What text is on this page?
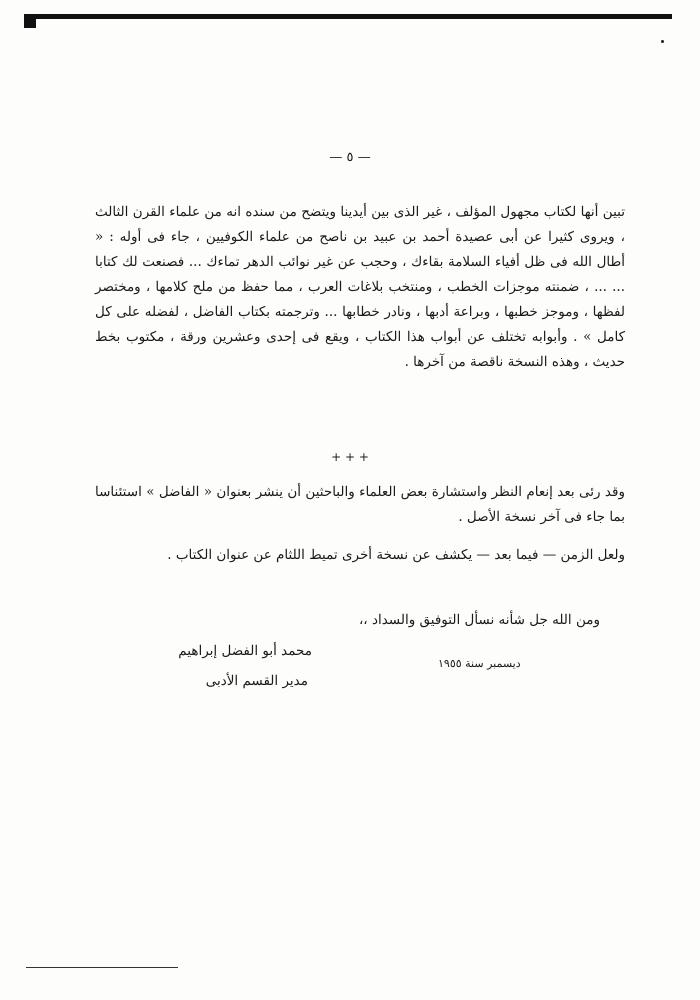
— ٥ —

تبين أنها لكتاب مجهول المؤلف ، غير الذى بين أيدينا ويتضح من سنده انه من علماء القرن الثالث ، ويروى كثيرا عن أبى عصيدة أحمد بن عبيد بن ناصح من علماء الكوفيين ، جاء فى أوله : « أطال الله فى ظل أفياء السلامة بقاءك ، وحجب عن غير نوائب الدهر تماءك ... فصنعت لك كتابا ... ... ، ضمنته موجزات الخطب ، ومنتخب بلاغات العرب ، مما حفظ من ملح كلامها ، ومختصر لفظها ، وموجز خطبها ، وبراعة أدبها ، ونادر خطابها ... وترجمته بكتاب الفاضل ، لفضله على كل كامل » . وأبوابه تختلف عن أبواب هذا الكتاب ، ويقع فى إحدى وعشرين ورقة ، مكتوب بخط حديث ، وهذه النسخة ناقصة من آخرها .

+ + +

وقد رئى بعد إنعام النظر واستشارة بعض العلماء والباحثين أن ينشر بعنوان « الفاضل » استئناسا بما جاء فى آخر نسخة الأصل .

ولعل الزمن — فيما بعد — يكشف عن نسخة أخرى تميط اللثام عن عنوان الكتاب .

ومن الله جل شأنه نسأل التوفيق والسداد ،،
محمد أبو الفضل إبراهيم
مدير القسم الأدبى
ديسمبر سنة ١٩٥٥
